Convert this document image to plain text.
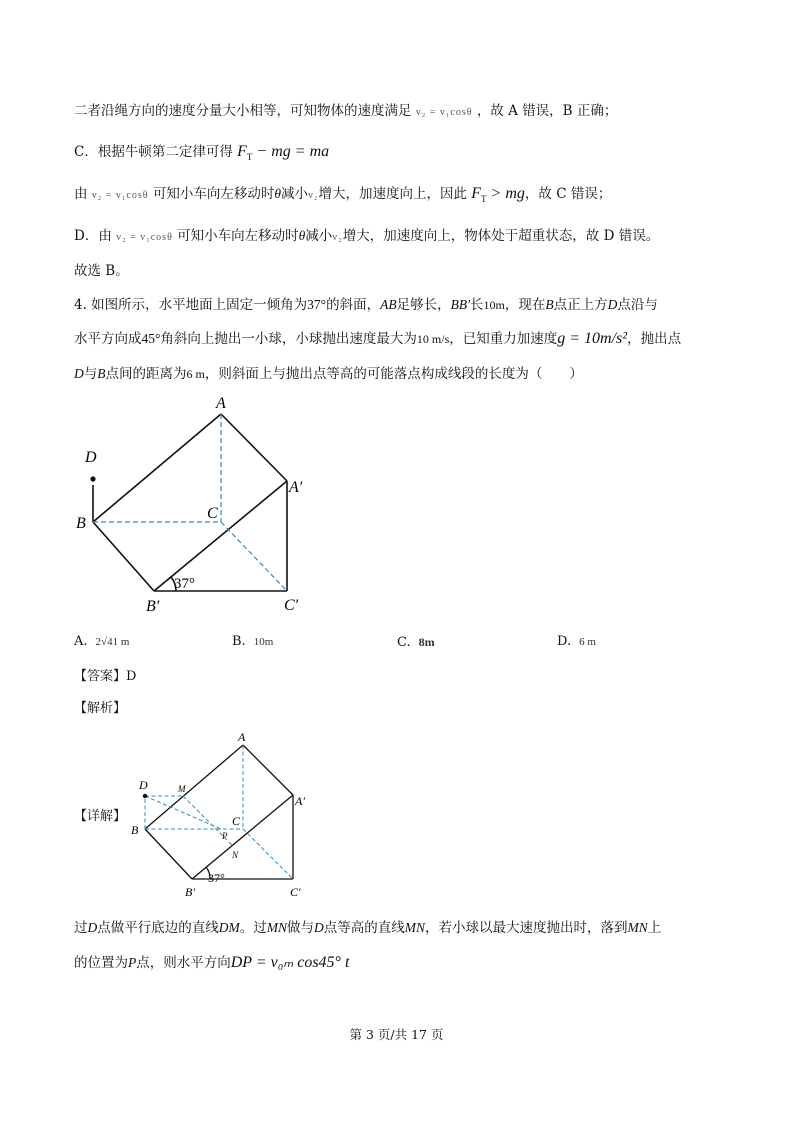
二者沿绳方向的速度分量大小相等，可知物体的速度满足 v₂ = v₁cosθ ，故 A 错误，B 正确；
C．根据牛顿第二定律可得 $F_T$ − mg = ma
由 v₂ = v₁cosθ 可知小车向左移动时θ减小v₂增大，加速度向上，因此 $F_T$ > mg，故 C 错误；
D．由 v₂ = v₁cosθ 可知小车向左移动时θ减小v₂增大，加速度向上，物体处于超重状态，故 D 错误。
故选 B。
4. 如图所示，水平地面上固定一倾角为37°的斜面，AB足够长，BB′长10m，现在B点正上方D点沿与
水平方向成45°角斜向上抛出一小球，小球抛出速度最大为10 m/s，已知重力加速度g = 10m/s²，抛出点
D与B点间的距离为6 m，则斜面上与抛出点等高的可能落点构成线段的长度为（　　）
A
D
A′
B
C
37°
B′	C′
A. 2√41 m	B. 10m	C. 8m	D. 6 m
【答案】D
【解析】
【详解】
A
D	M
A′
B
C
P
N
37°
B′	C′
过D点做平行底边的直线DM。过MN做与D点等高的直线MN，若小球以最大速度抛出时，落到MN上
的位置为P点，则水平方向DP = v₀ₘ cos45° t
第 3 页/共 17 页
